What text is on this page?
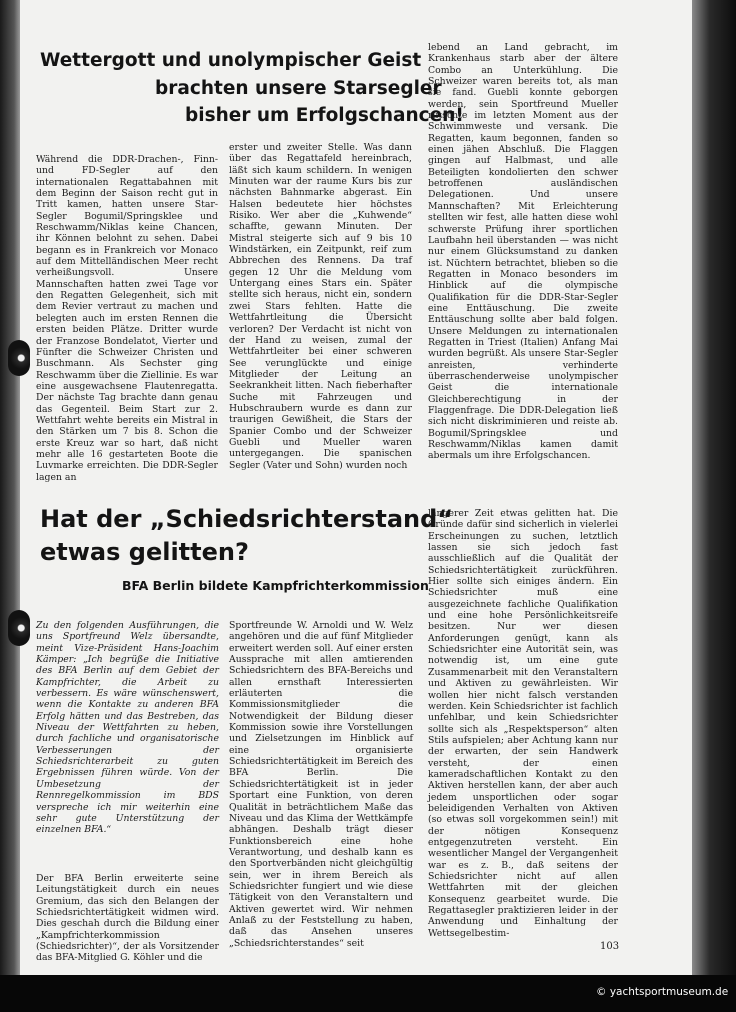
Wettergott und unolympischer Geist
brachten unsere Starsegler
bisher um Erfolgschancen!

Während die DDR-Drachen-, Finn- und FD-Segler auf den internationalen Regattabahnen mit dem Beginn der Saison recht gut in Tritt kamen, hatten unsere Star-Segler Bogumil/Springsklee und Reschwamm/Niklas keine Chancen, ihr Können belohnt zu sehen. Dabei begann es in Frankreich vor Monaco auf dem Mittelländischen Meer recht verheißungsvoll. Unsere Mannschaften hatten zwei Tage vor den Regatten Gelegenheit, sich mit dem Revier vertraut zu machen und belegten auch im ersten Rennen die ersten beiden Plätze. Dritter wurde der Franzose Bondelatot, Vierter und Fünfter die Schweizer Christen und Buschmann. Als Sechster ging Reschwamm über die Ziellinie. Es war eine ausgewachsene Flautenregatta. Der nächste Tag brachte dann genau das Gegenteil. Beim Start zur 2. Wettfahrt wehte bereits ein Mistral in den Stärken um 7 bis 8. Schon die erste Kreuz war so hart, daß nicht mehr alle 16 gestarteten Boote die Luvmarke erreichten. Die DDR-Segler lagen an

erster und zweiter Stelle. Was dann über das Regattafeld hereinbrach, läßt sich kaum schildern. In wenigen Minuten war der raume Kurs bis zur nächsten Bahnmarke abgerast. Ein Halsen bedeutete hier höchstes Risiko. Wer aber die „Kuhwende“ schaffte, gewann Minuten. Der Mistral steigerte sich auf 9 bis 10 Windstärken, ein Zeitpunkt, reif zum Abbrechen des Rennens. Da traf gegen 12 Uhr die Meldung vom Untergang eines Stars ein. Später stellte sich heraus, nicht ein, sondern zwei Stars fehlten. Hatte die Wettfahrtleitung die Übersicht verloren? Der Verdacht ist nicht von der Hand zu weisen, zumal der Wettfahrtleiter bei einer schweren See verunglückte und einige Mitglieder der Leitung an Seekrankheit litten. Nach fieberhafter Suche mit Fahrzeugen und Hubschraubern wurde es dann zur traurigen Gewißheit, die Stars der Spanier Combo und der Schweizer Guebli und Mueller waren untergegangen. Die spanischen Segler (Vater und Sohn) wurden noch

lebend an Land gebracht, im Krankenhaus starb aber der ältere Combo an Unterkühlung. Die Schweizer waren bereits tot, als man sie fand. Guebli konnte geborgen werden, sein Sportfreund Mueller rutschte im letzten Moment aus der Schwimmweste und versank. Die Regatten, kaum begonnen, fanden so einen jähen Abschluß. Die Flaggen gingen auf Halbmast, und alle Beteiligten kondolierten den schwer betroffenen ausländischen Delegationen. Und unsere Mannschaften? Mit Erleichterung stellten wir fest, alle hatten diese wohl schwerste Prüfung ihrer sportlichen Laufbahn heil überstanden — was nicht nur einem Glücksumstand zu danken ist. Nüchtern betrachtet, blieben so die Regatten in Monaco besonders im Hinblick auf die olympische Qualifikation für die DDR-Star-Segler eine Enttäuschung. Die zweite Enttäuschung sollte aber bald folgen. Unsere Meldungen zu internationalen Regatten in Triest (Italien) Anfang Mai wurden begrüßt. Als unsere Star-Segler anreisten, verhinderte überraschenderweise unolympischer Geist die internationale Gleichberechtigung in der Flaggenfrage. Die DDR-Delegation ließ sich nicht diskriminieren und reiste ab. Bogumil/Springsklee und Reschwamm/Niklas kamen damit abermals um ihre Erfolgschancen.

Hat der „Schiedsrichterstand“
etwas gelitten?

BFA Berlin bildete Kampfrichterkommission

Zu den folgenden Ausführungen, die uns Sportfreund Welz übersandte, meint Vize-Präsident Hans-Joachim Kämper: „Ich begrüße die Initiative des BFA Berlin auf dem Gebiet der Kampfrichter, die Arbeit zu verbessern. Es wäre wünschenswert, wenn die Kontakte zu anderen BFA Erfolg hätten und das Bestreben, das Niveau der Wettfahrten zu heben, durch fachliche und organisatorische Verbesserungen der Schiedsrichterarbeit zu guten Ergebnissen führen würde. Von der Umbesetzung der Rennregelkommission im BDS verspreche ich mir weiterhin eine sehr gute Unterstützung der einzelnen BFA.“

Der BFA Berlin erweiterte seine Leitungstätigkeit durch ein neues Gremium, das sich den Belangen der Schiedsrichtertätigkeit widmen wird. Dies geschah durch die Bildung einer „Kampfrichterkommission (Schiedsrichter)“, der als Vorsitzender das BFA-Mitglied G. Köhler und die

Sportfreunde W. Arnoldi und W. Welz angehören und die auf fünf Mitglieder erweitert werden soll. Auf einer ersten Aussprache mit allen amtierenden Schiedsrichtern des BFA-Bereichs und allen ernsthaft Interessierten erläuterten die Kommissionsmitglieder die Notwendigkeit der Bildung dieser Kommission sowie ihre Vorstellungen und Zielsetzungen im Hinblick auf eine organisierte Schiedsrichtertätigkeit im Bereich des BFA Berlin. Die Schiedsrichtertätigkeit ist in jeder Sportart eine Funktion, von deren Qualität in beträchtlichem Maße das Niveau und das Klima der Wettkämpfe abhängen. Deshalb trägt dieser Funktionsbereich eine hohe Verantwortung, und deshalb kann es den Sportverbänden nicht gleichgültig sein, wer in ihrem Bereich als Schiedsrichter fungiert und wie diese Tätigkeit von den Veranstaltern und Aktiven gewertet wird. Wir nehmen Anlaß zu der Feststellung zu haben, daß das Ansehen unseres „Schiedsrichterstandes“ seit

längerer Zeit etwas gelitten hat. Die Gründe dafür sind sicherlich in vielerlei Erscheinungen zu suchen, letztlich lassen sie sich jedoch fast ausschließlich auf die Qualität der Schiedsrichtertätigkeit zurückführen. Hier sollte sich einiges ändern. Ein Schiedsrichter muß eine ausgezeichnete fachliche Qualifikation und eine hohe Persönlichkeitsreife besitzen. Nur wer diesen Anforderungen genügt, kann als Schiedsrichter eine Autorität sein, was notwendig ist, um eine gute Zusammenarbeit mit den Veranstaltern und Aktiven zu gewährleisten. Wir wollen hier nicht falsch verstanden werden. Kein Schiedsrichter ist fachlich unfehlbar, und kein Schiedsrichter sollte sich als „Respektsperson“ alten Stils aufspielen; aber Achtung kann nur der erwarten, der sein Handwerk versteht, der einen kameradschaftlichen Kontakt zu den Aktiven herstellen kann, der aber auch jedem unsportlichen oder sogar beleidigenden Verhalten von Aktiven (so etwas soll vorgekommen sein!) mit der nötigen Konsequenz entgegenzutreten versteht. Ein wesentlicher Mangel der Vergangenheit war es z. B., daß seitens der Schiedsrichter nicht auf allen Wettfahrten mit der gleichen Konsequenz gearbeitet wurde. Die Regattasegler praktizieren leider in der Anwendung und Einhaltung der Wettsegelbestim-

103

© yachtsportmuseum.de
